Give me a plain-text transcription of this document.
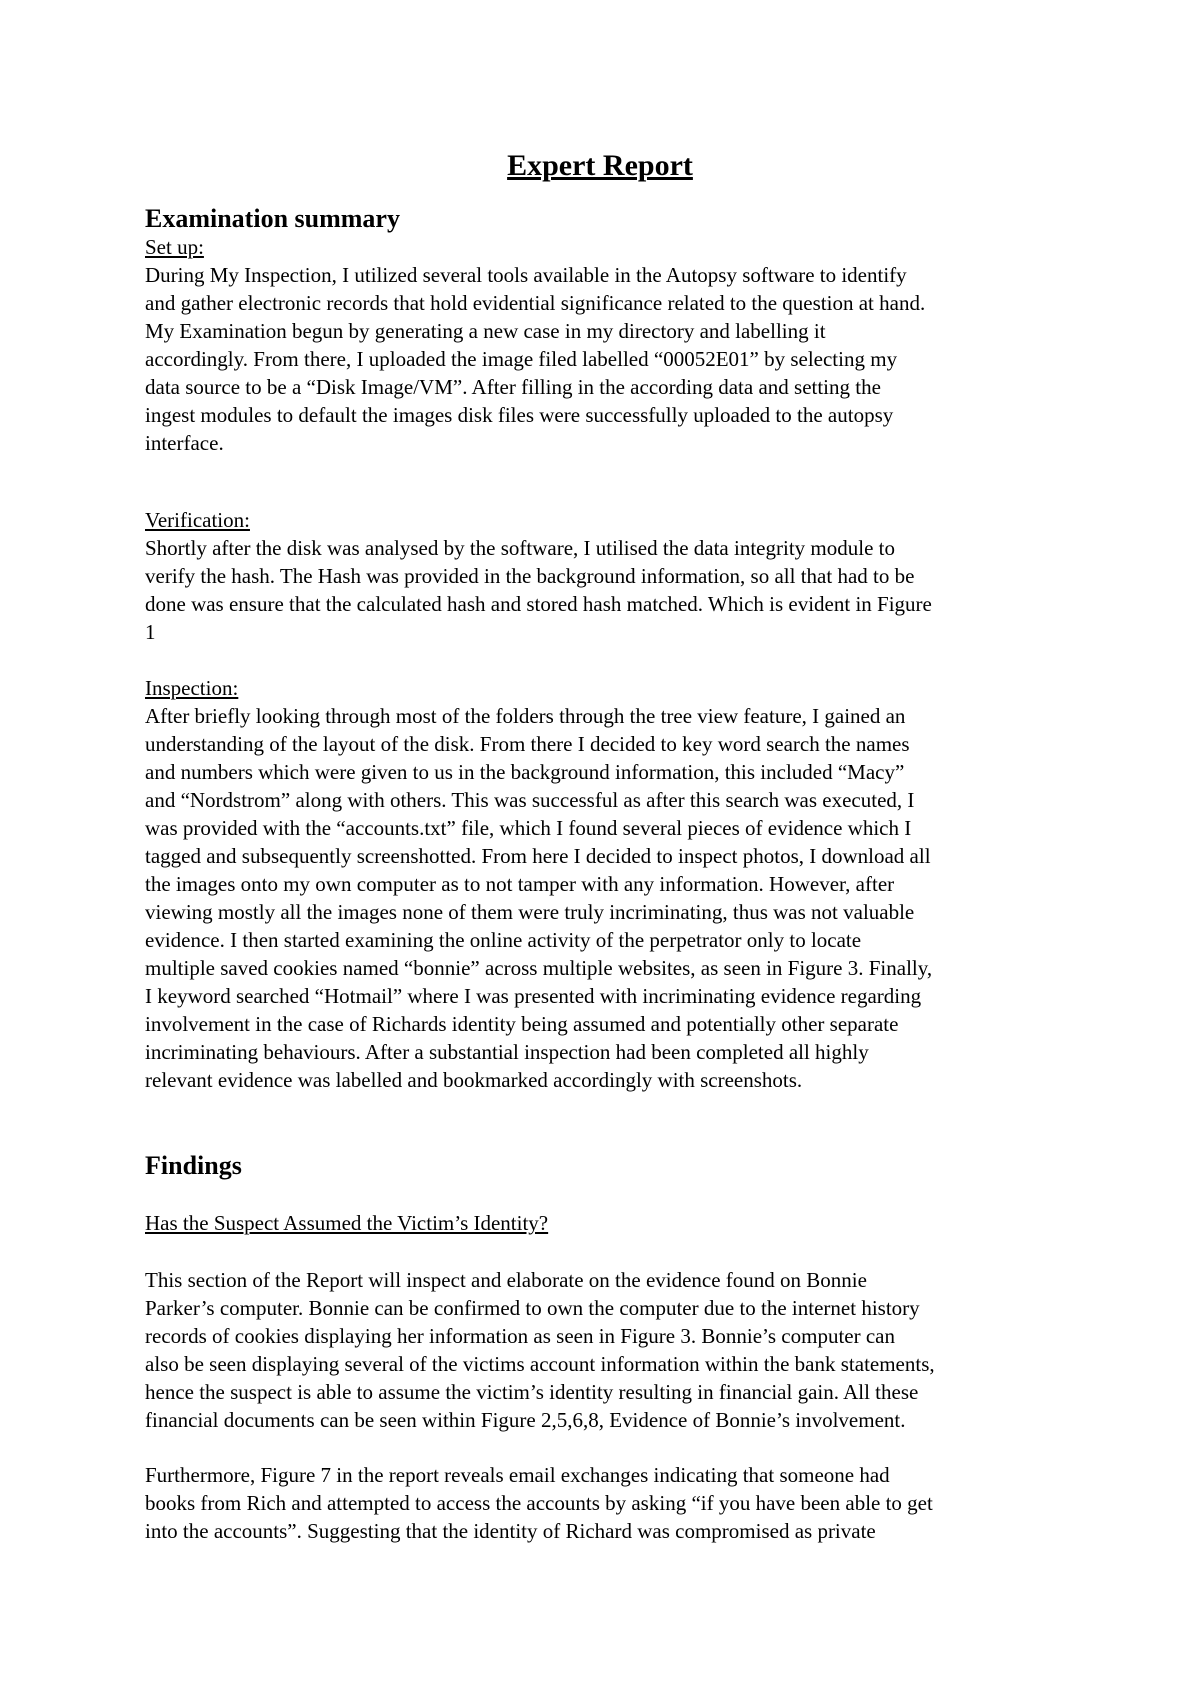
Expert Report
Examination summary
Set up:
During My Inspection, I utilized several tools available in the Autopsy software to identify
and gather electronic records that hold evidential significance related to the question at hand.
My Examination begun by generating a new case in my directory and labelling it
accordingly. From there, I uploaded the image filed labelled “00052E01” by selecting my
data source to be a “Disk Image/VM”. After filling in the according data and setting the
ingest modules to default the images disk files were successfully uploaded to the autopsy
interface.
Verification:
Shortly after the disk was analysed by the software, I utilised the data integrity module to
verify the hash. The Hash was provided in the background information, so all that had to be
done was ensure that the calculated hash and stored hash matched. Which is evident in Figure
1
Inspection:
After briefly looking through most of the folders through the tree view feature, I gained an
understanding of the layout of the disk. From there I decided to key word search the names
and numbers which were given to us in the background information, this included “Macy”
and “Nordstrom” along with others. This was successful as after this search was executed, I
was provided with the “accounts.txt” file, which I found several pieces of evidence which I
tagged and subsequently screenshotted. From here I decided to inspect photos, I download all
the images onto my own computer as to not tamper with any information. However, after
viewing mostly all the images none of them were truly incriminating, thus was not valuable
evidence. I then started examining the online activity of the perpetrator only to locate
multiple saved cookies named “bonnie” across multiple websites, as seen in Figure 3. Finally,
I keyword searched “Hotmail” where I was presented with incriminating evidence regarding
involvement in the case of Richards identity being assumed and potentially other separate
incriminating behaviours. After a substantial inspection had been completed all highly
relevant evidence was labelled and bookmarked accordingly with screenshots.
Findings
Has the Suspect Assumed the Victim’s Identity?
This section of the Report will inspect and elaborate on the evidence found on Bonnie
Parker’s computer. Bonnie can be confirmed to own the computer due to the internet history
records of cookies displaying her information as seen in Figure 3. Bonnie’s computer can
also be seen displaying several of the victims account information within the bank statements,
hence the suspect is able to assume the victim’s identity resulting in financial gain. All these
financial documents can be seen within Figure 2,5,6,8, Evidence of Bonnie’s involvement.
Furthermore, Figure 7 in the report reveals email exchanges indicating that someone had
books from Rich and attempted to access the accounts by asking “if you have been able to get
into the accounts”. Suggesting that the identity of Richard was compromised as private
